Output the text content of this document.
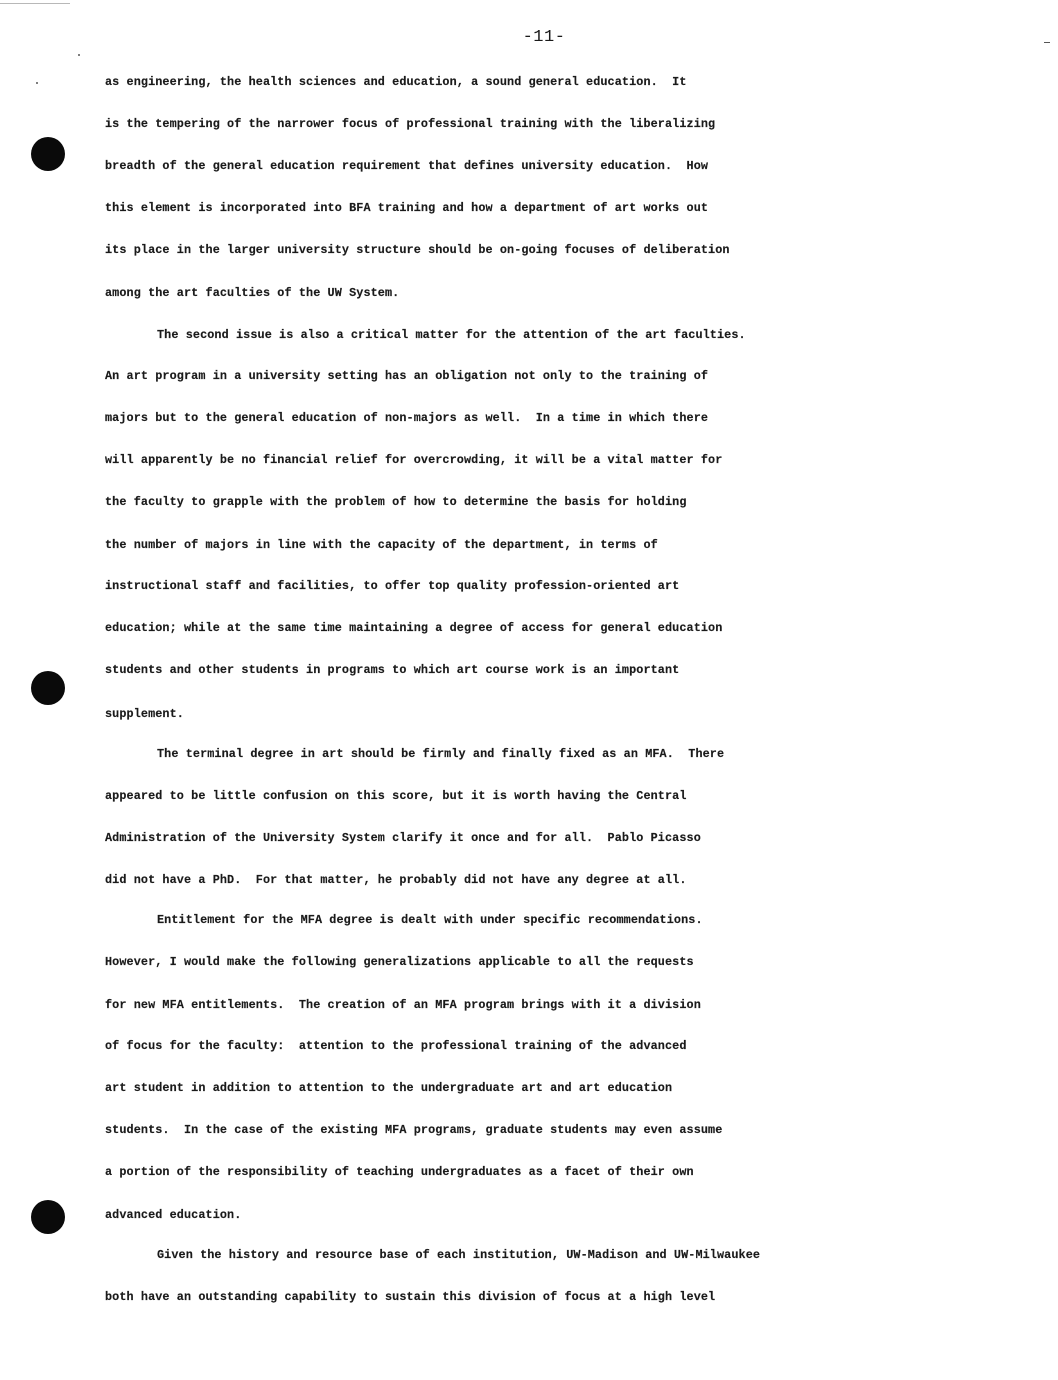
-11-
as engineering, the health sciences and education, a sound general education.  It
is the tempering of the narrower focus of professional training with the liberalizing
breadth of the general education requirement that defines university education.  How
this element is incorporated into BFA training and how a department of art works out
its place in the larger university structure should be on-going focuses of deliberation
among the art faculties of the UW System.
The second issue is also a critical matter for the attention of the art faculties.
An art program in a university setting has an obligation not only to the training of
majors but to the general education of non-majors as well.  In a time in which there
will apparently be no financial relief for overcrowding, it will be a vital matter for
the faculty to grapple with the problem of how to determine the basis for holding
the number of majors in line with the capacity of the department, in terms of
instructional staff and facilities, to offer top quality profession-oriented art
education; while at the same time maintaining a degree of access for general education
students and other students in programs to which art course work is an important
supplement.
The terminal degree in art should be firmly and finally fixed as an MFA.  There
appeared to be little confusion on this score, but it is worth having the Central
Administration of the University System clarify it once and for all.  Pablo Picasso
did not have a PhD.  For that matter, he probably did not have any degree at all.
Entitlement for the MFA degree is dealt with under specific recommendations.
However, I would make the following generalizations applicable to all the requests
for new MFA entitlements.  The creation of an MFA program brings with it a division
of focus for the faculty:  attention to the professional training of the advanced
art student in addition to attention to the undergraduate art and art education
students.  In the case of the existing MFA programs, graduate students may even assume
a portion of the responsibility of teaching undergraduates as a facet of their own
advanced education.
Given the history and resource base of each institution, UW-Madison and UW-Milwaukee
both have an outstanding capability to sustain this division of focus at a high level
